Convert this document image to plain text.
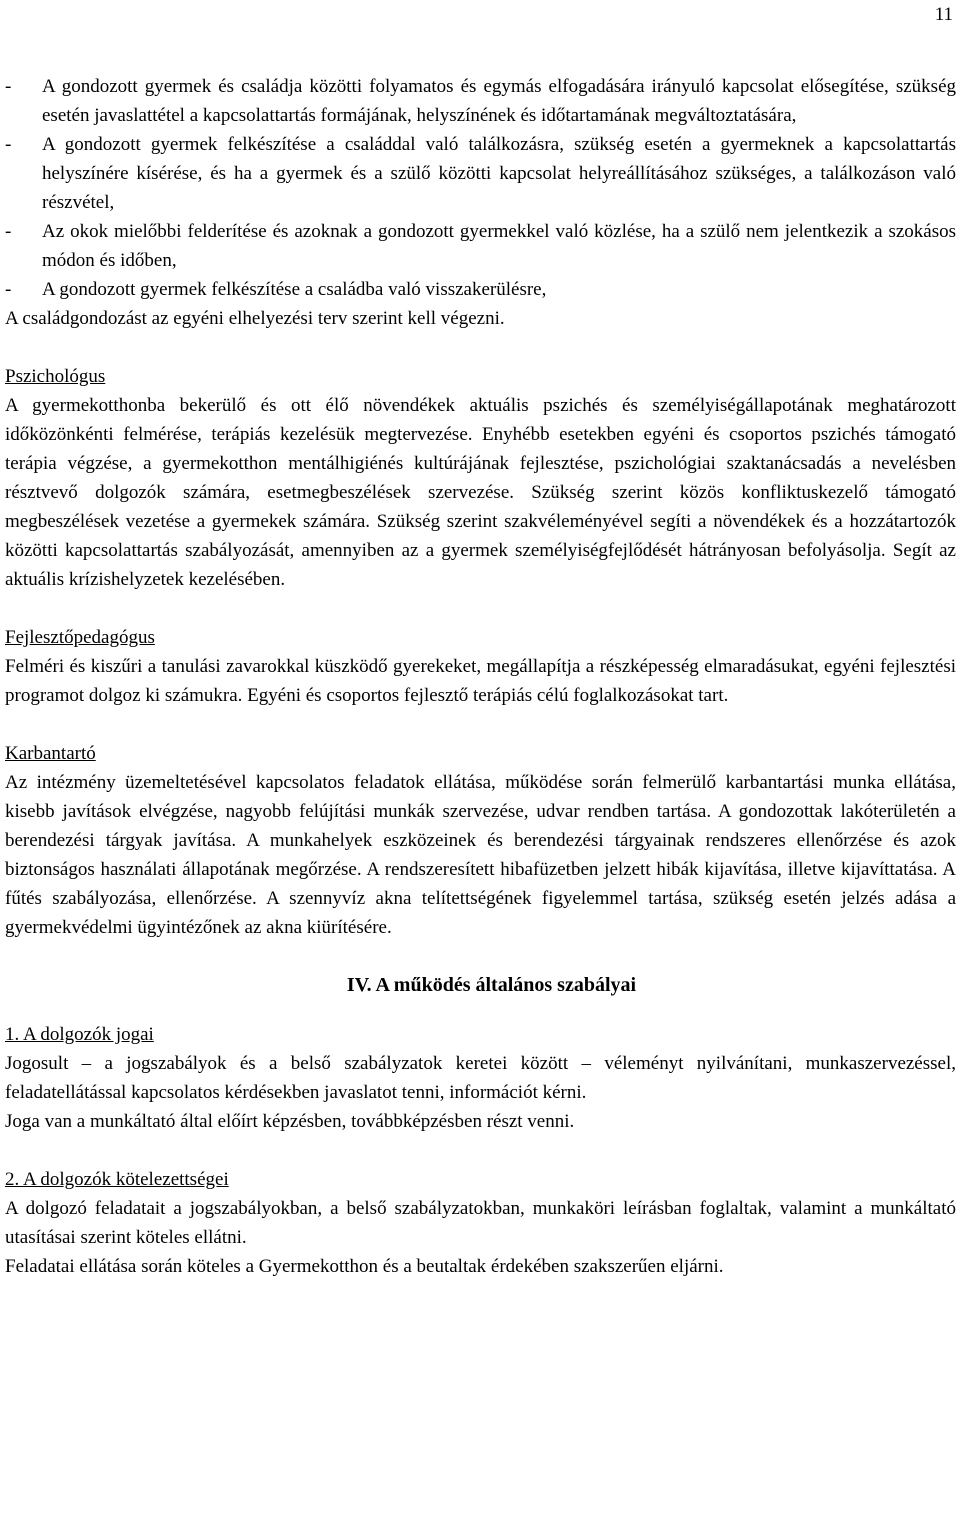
11

- A gondozott gyermek és családja közötti folyamatos és egymás elfogadására irányuló kapcsolat elősegítése, szükség esetén javaslattétel a kapcsolattartás formájának, helyszínének és időtartamának megváltoztatására,

- A gondozott gyermek felkészítése a családdal való találkozásra, szükség esetén a gyermeknek a kapcsolattartás helyszínére kísérése, és ha a gyermek és a szülő közötti kapcsolat helyreállításához szükséges, a találkozáson való részvétel,

- Az okok mielőbbi felderítése és azoknak a gondozott gyermekkel való közlése, ha a szülő nem jelentkezik a szokásos módon és időben,

- A gondozott gyermek felkészítése a családba való visszakerülésre,

A családgondozást az egyéni elhelyezési terv szerint kell végezni.

Pszichológus

A gyermekotthonba bekerülő és ott élő növendékek aktuális pszichés és személyiségállapotának meghatározott időközönkénti felmérése, terápiás kezelésük megtervezése. Enyhébb esetekben egyéni és csoportos pszichés támogató terápia végzése, a gyermekotthon mentálhigiénés kultúrájának fejlesztése, pszichológiai szaktanácsadás a nevelésben résztvevő dolgozók számára, esetmegbeszélések szervezése. Szükség szerint közös konfliktuskezelő támogató megbeszélések vezetése a gyermekek számára. Szükség szerint szakvéleményével segíti a növendékek és a hozzátartozók közötti kapcsolattartás szabályozását, amennyiben az a gyermek személyiségfejlődését hátrányosan befolyásolja. Segít az aktuális krízishelyzetek kezelésében.

Fejlesztőpedagógus

Felméri és kiszűri a tanulási zavarokkal küszködő gyerekeket, megállapítja a részképesség elmaradásukat, egyéni fejlesztési programot dolgoz ki számukra. Egyéni és csoportos fejlesztő terápiás célú foglalkozásokat tart.

Karbantartó

Az intézmény üzemeltetésével kapcsolatos feladatok ellátása, működése során felmerülő karbantartási munka ellátása, kisebb javítások elvégzése, nagyobb felújítási munkák szervezése, udvar rendben tartása. A gondozottak lakóterületén a berendezési tárgyak javítása. A munkahelyek eszközeinek és berendezési tárgyainak rendszeres ellenőrzése és azok biztonságos használati állapotának megőrzése. A rendszeresített hibafüzetben jelzett hibák kijavítása, illetve kijavíttatása. A fűtés szabályozása, ellenőrzése. A szennyvíz akna telítettségének figyelemmel tartása, szükség esetén jelzés adása a gyermekvédelmi ügyintézőnek az akna kiürítésére.

IV. A működés általános szabályai

1. A dolgozók jogai

Jogosult – a jogszabályok és a belső szabályzatok keretei között – véleményt nyilvánítani, munkaszervezéssel, feladatellátással kapcsolatos kérdésekben javaslatot tenni, információt kérni.

Joga van a munkáltató által előírt képzésben, továbbképzésben részt venni.

2. A dolgozók kötelezettségei

A dolgozó feladatait a jogszabályokban, a belső szabályzatokban, munkaköri leírásban foglaltak, valamint a munkáltató utasításai szerint köteles ellátni.

Feladatai ellátása során köteles a Gyermekotthon és a beutaltak érdekében szakszerűen eljárni.
